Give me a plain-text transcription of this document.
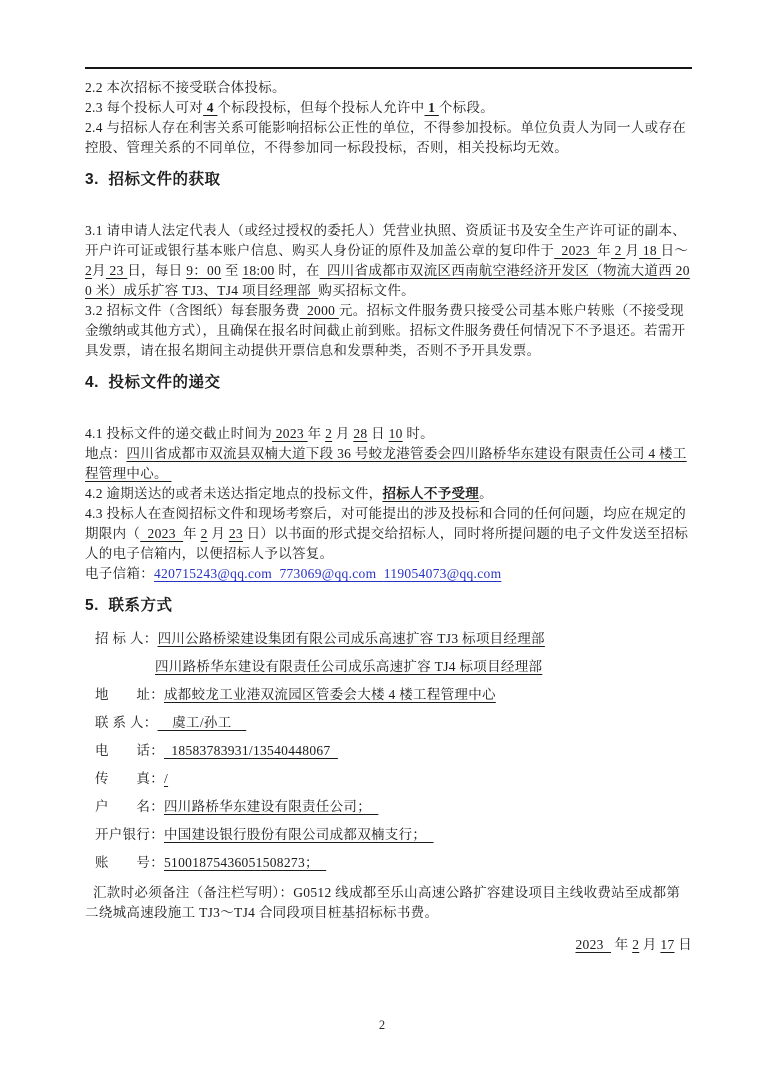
2.2 本次招标不接受联合体投标。

2.3 每个投标人可对 4 个标段投标，但每个投标人允许中 1 个标段。

2.4 与招标人存在利害关系可能影响招标公正性的单位，不得参加投标。单位负责人为同一人或存在控股、管理关系的不同单位，不得参加同一标段投标，否则，相关投标均无效。

3.  招标文件的获取

3.1 请申请人法定代表人（或经过授权的委托人）凭营业执照、资质证书及安全生产许可证的副本、开户许可证或银行基本账户信息、购买人身份证的原件及加盖公章的复印件于  2023  年 2 月 18 日～2月 23 日，每日 9：00 至 18:00 时，在  四川省成都市双流区西南航空港经济开发区（物流大道西 200 米）成乐扩容 TJ3、TJ4 项目经理部  购买招标文件。

3.2 招标文件（含图纸）每套服务费  2000 元。招标文件服务费只接受公司基本账户转账（不接受现金缴纳或其他方式），且确保在报名时间截止前到账。招标文件服务费任何情况下不予退还。若需开具发票，请在报名期间主动提供开票信息和发票种类，否则不予开具发票。

4.  投标文件的递交

4.1 投标文件的递交截止时间为 2023 年 2 月 28 日 10 时。

地点：四川省成都市双流县双楠大道下段 36 号蛟龙港管委会四川路桥华东建设有限责任公司 4 楼工程管理中心。

4.2 逾期送达的或者未送达指定地点的投标文件，招标人不予受理。

4.3 投标人在查阅招标文件和现场考察后，对可能提出的涉及投标和合同的任何问题，均应在规定的期限内（  2023  年 2 月 23 日）以书面的形式提交给招标人，同时将所提问题的电子文件发送至招标人的电子信箱内，以便招标人予以答复。

电子信箱：420715243@qq.com  773069@qq.com  119054073@qq.com

5.  联系方式

招 标 人：四川公路桥梁建设集团有限公司成乐高速扩容 TJ3 标项目经理部

四川路桥华东建设有限责任公司成乐高速扩容 TJ4 标项目经理部

地　　址：成都蛟龙工业港双流园区管委会大楼 4 楼工程管理中心

联 系 人：    虞工/孙工

电　　话：  18583783931/13540448067

传　　真：/

户　　名：四川路桥华东建设有限责任公司；

开户银行：中国建设银行股份有限公司成都双楠支行；

账　　号：51001875436051508273；

汇款时必须备注（备注栏写明）：G0512 线成都至乐山高速公路扩容建设项目主线收费站至成都第二绕城高速段施工 TJ3～TJ4 合同段项目桩基招标标书费。

2023   年 2 月 17 日

2
